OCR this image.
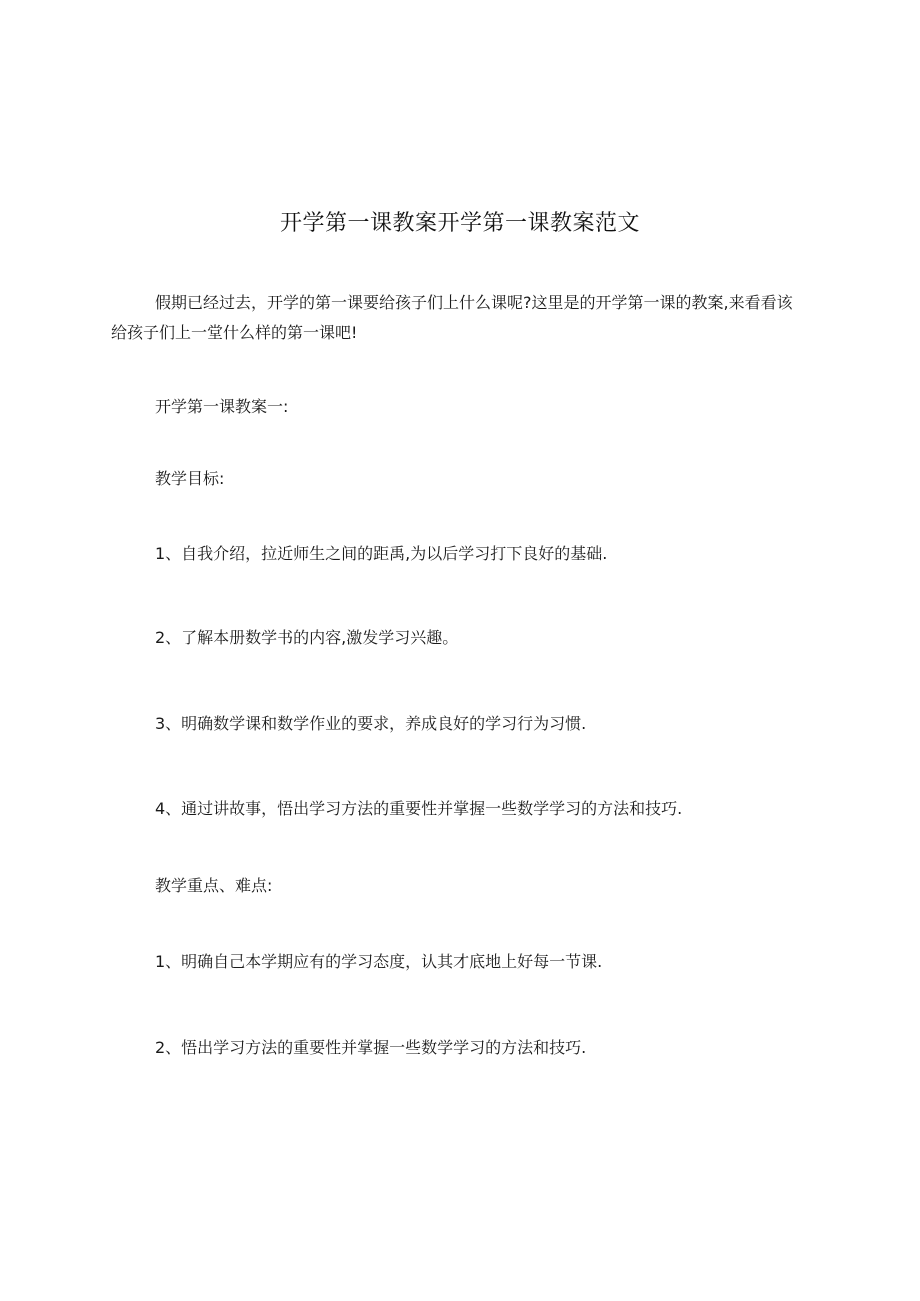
开学第一课教案开学第一课教案范文
假期已经过去，开学的第一课要给孩子们上什么课呢?这里是的开学第一课的教案,来看看该给孩子们上一堂什么样的第一课吧!
开学第一课教案一:
教学目标:
1、自我介绍，拉近师生之间的距禹,为以后学习打下良好的基础.
2、了解本册数学书的内容,激发学习兴趣。
3、明确数学课和数学作业的要求，养成良好的学习行为习惯.
4、通过讲故事，悟出学习方法的重要性并掌握一些数学学习的方法和技巧.
教学重点、难点:
1、明确自己本学期应有的学习态度，认其才底地上好每一节课.
2、悟出学习方法的重要性并掌握一些数学学习的方法和技巧.
